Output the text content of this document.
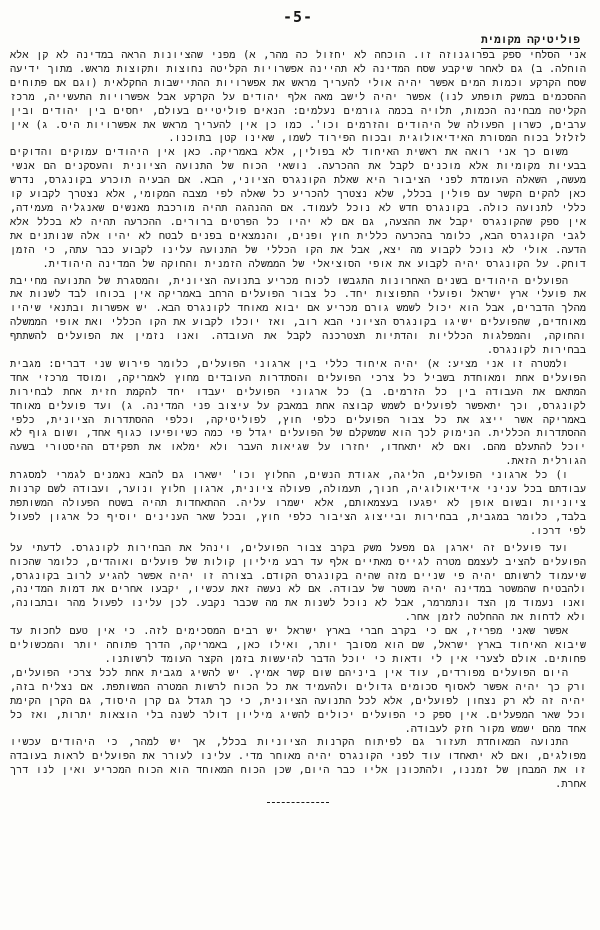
-5-
פוליטיקה מקומית

אני הסלחי ספק בפרוגנוזה זו. הוכחה לא יחזול כה מהר, א) מפני שהציונות הראה במדינה לא קן אלא הוחלה. ב) גם לאחר שיקבע שסח המדינה לא תהיינה אפשרויות הקליטה נחוצות ותקוצות מראש. מתוך ידיעה שסח הקרקע וכמות המים אפשר יהיה אולי להעריך מראש את אפשרויות ההתיישבות החקלאית (וגם אם פתוחים ההסכמים במשק תופתע לנו) אפשר יהיה לישב מאה אלף יהודים על הקרקע אבל אפשרויות התעשייה, מרכז הקליטה מבחינה הכמות, תלויה בכמה גורמים נעלמים: הנאים פוליטיים בעולם, יחסים בין יהודים ובין ערבים, כשרון הפעולה של היהודים והזרמים וכו'. כמו כן אין להעריך מראש את אפשרויות היס. ג) אין לזלזל בכוח המסורת האידיאולוגית ובכוח הפירוד לשמו, שאינו קטן בתוכנו.

משום כך אני רואה את ראשית האיחוד לא בפולין, אלא באמריקה. כאן אין היהודים עמוקים והדוקים בבעיות מקומיות אלא מוכנים לקבל את ההכרעה. נושאי הכוח של התנועה הציונית והעסקנים הם אנשי מעשה, השאלה העומדת לפני הציבור היא שאלת הקונגרס הציוני, הבא. אם הבעיה תוכרע בקונגרס, נדרש כאן להקים הקשר עם פולין בכלל, שלא נצטרך להכריע כל שאלה לפי מצבה המקומי, אלא נצטרך לקבוע קו כללי לתנועה כולה. בקונגרס חדש לא נוכל לעמוד. אם ההנהגה תהיה מורכבת מאנשים שאנגליה מעמידה, אין ספק שהקונגרס יקבל את ההצעה, גם אם לא יהיו כל הפרטים ברורים. ההכרעה תהיה לא בכלל אלא לגבי הקונגרס הבא, כלומר בהכרעה כללית חוץ ופנים, והנמצאים בפנים לבטח לא יהיו אלה שנותנים את הדעה. אולי לא נוכל לקבוע מה יצא, אבל את הקו הכללי של התנועה עלינו לקבוע כבר עתה, כי הזמן דוחק. על הקונגרס יהיה לקבוע את אופי הסוציאלי של הממשלה הזמנית והחוקה של המדינה היהודית.

הפועלים היהודים בשנים האחרונות התגבשו לכוח מכריע בתנועה הציונית, והמסגרת של התנועה מחייבת את פועלי ארץ ישראל ופועלי התפוצות יחד. כל צבור הפועלים הרחב באמריקה אין בכוחו לבד לשנות את מהלך הדברים, אבל הוא יכול לשמש גורם מכריע אם יבוא מאוחד לקונגרס הבא. יש אפשרות ובתנאי שיהיו מאוחדים, שהפועלים ישיגו בקונגרס הציוני הבא רוב, ואז יוכלו לקבוע את הקו הכללי ואת אופי הממשלה והחוקה, והמפלגות הכלליות והדתיות תצטרכנה לקבל את העובדה. ואנו נזמין את הפועלים להשתתף בבחירות לקונגרס.

ולמטרה זו אני מציע: א) יהיה איחוד כללי בין ארגוני הפועלים, כלומר פירוש שני דברים: מגבית הפועלים אחת ומאוחדת בשביל כל צרכי הפועלים והסתדרות העובדים מחוץ לאמריקה, ומוסד מרכזי אחד המתאם את העבודה בין כל הזרמים. ב) כל ארגוני הפועלים יעבדו יחד להקמת חזית אחת לבחירות לקונגרס, וכך יתאפשר לפועלים לשמש קבוצה אחת במאבק על עיצוב פני המדינה. ג) ועד פועלים מאוחד באמריקה אשר ייצג את כל צבור הפועלים כלפי חוץ, לפוליטיקה, וכלפי ההסתדרות הציונית, כלפי ההסתדרות הכללית. הנימוק לכך הוא שמשקלם של הפועלים יגדל פי כמה כשיופיעו כגוף אחד, ושום גוף לא יוכל להתעלם מהם. ואם לא יתאחדו, יחזרו על שגיאות העבר ולא ימלאו את תפקידם ההיסטורי בשעה הגורלית הזאת.

ו) כל ארגוני הפועלים, הליגה, אגודת הנשים, החלוץ וכו' ישארו גם להבא נאמנים לגמרי למסגרת עבודתם בכל עניני אידיאולוגיה, חנוך, תעמולה, פעולה ציונית, ארגון חלוץ ונוער, ועבודה לשם קרנות ציוניות ובשום אופן לא יפגעו בעצמאותם, אלא ישמרו עליה. ההתאחדות תהיה בשטח הפעולה המשותפת בלבד, כלומר במגבית, בבחירות ובייצוג הציבור כלפי חוץ, ובכל שאר הענינים יוסיף כל ארגון לפעול לפי דרכו.

ועד פועלים זה יארגן גם מפעל משק בקרב צבור הפועלים, וינהל את הבחירות לקונגרס. לדעתי על הפועלים להציב לעצמם מטרה לגייס מאתיים אלף עד רבע מיליון קולות של פועלים ואוהדים, כלומר שהכוח שיעמוד לרשותם יהיה פי שניים מזה שהיה בקונגרס הקודם. בצורה זו יהיה אפשר להגיע לרוב בקונגרס, ולהבטיח שהמשטר במדינה יהיה משטר של עבודה. אם לא נעשה זאת עכשיו, יקבעו אחרים את דמות המדינה, ואנו נעמוד מן הצד ונתמרמר, אבל לא נוכל לשנות את מה שכבר נקבע. לכן עלינו לפעול מהר ובתבונה, ולא לדחות את ההחלטה לזמן אחר.

אפשר שאני מפריז, אם כי בקרב חברי בארץ ישראל יש רבים המסכימים לזה. כי אין טעם לחכות עד שיבוא האיחוד בארץ ישראל, שם הוא מסובך יותר, ואילו כאן, באמריקה, הדרך פתוחה יותר והמכשולים פחותים. אולם לצערי אין לי ודאות כי יוכל הדבר להיעשות בזמן הקצר העומד לרשותנו.

היום הפועלים מפורדים, עוד אין ביניהם שום קשר אמיץ. יש להשיג מגבית אחת לכל צרכי הפועלים, ורק כך יהיה אפשר לאסוף סכומים גדולים ולהעמיד את כל הכוח לרשות המטרה המשותפת. אם נצליח בזה, יהיה זה לא רק נצחון לפועלים, אלא לכל התנועה הציונית, כי כך תגדל גם קרן היסוד, גם הקרן הקימת וכל שאר המפעלים. אין ספק כי הפועלים יכולים להשיג מיליון דולר לשנה בלי הוצאות יתרות, ואז כל אחד מהם ישמש מקור חזק לעבודה.

התנועה המאוחדת תעזור גם לפיתוח הקרנות הציוניות בכלל, אך יש למהר, כי היהודים עכשיו מפולגים, ואם לא יתאחדו עוד לפני הקונגרס יהיה מאוחר מדי. עלינו לעורר את הפועלים לראות בעובדה זו את המבחן של זמננו, ולהתכונן אליו כבר היום, שכן הכוח המאוחד הוא הכוח המכריע ואין לנו דרך אחרת.
